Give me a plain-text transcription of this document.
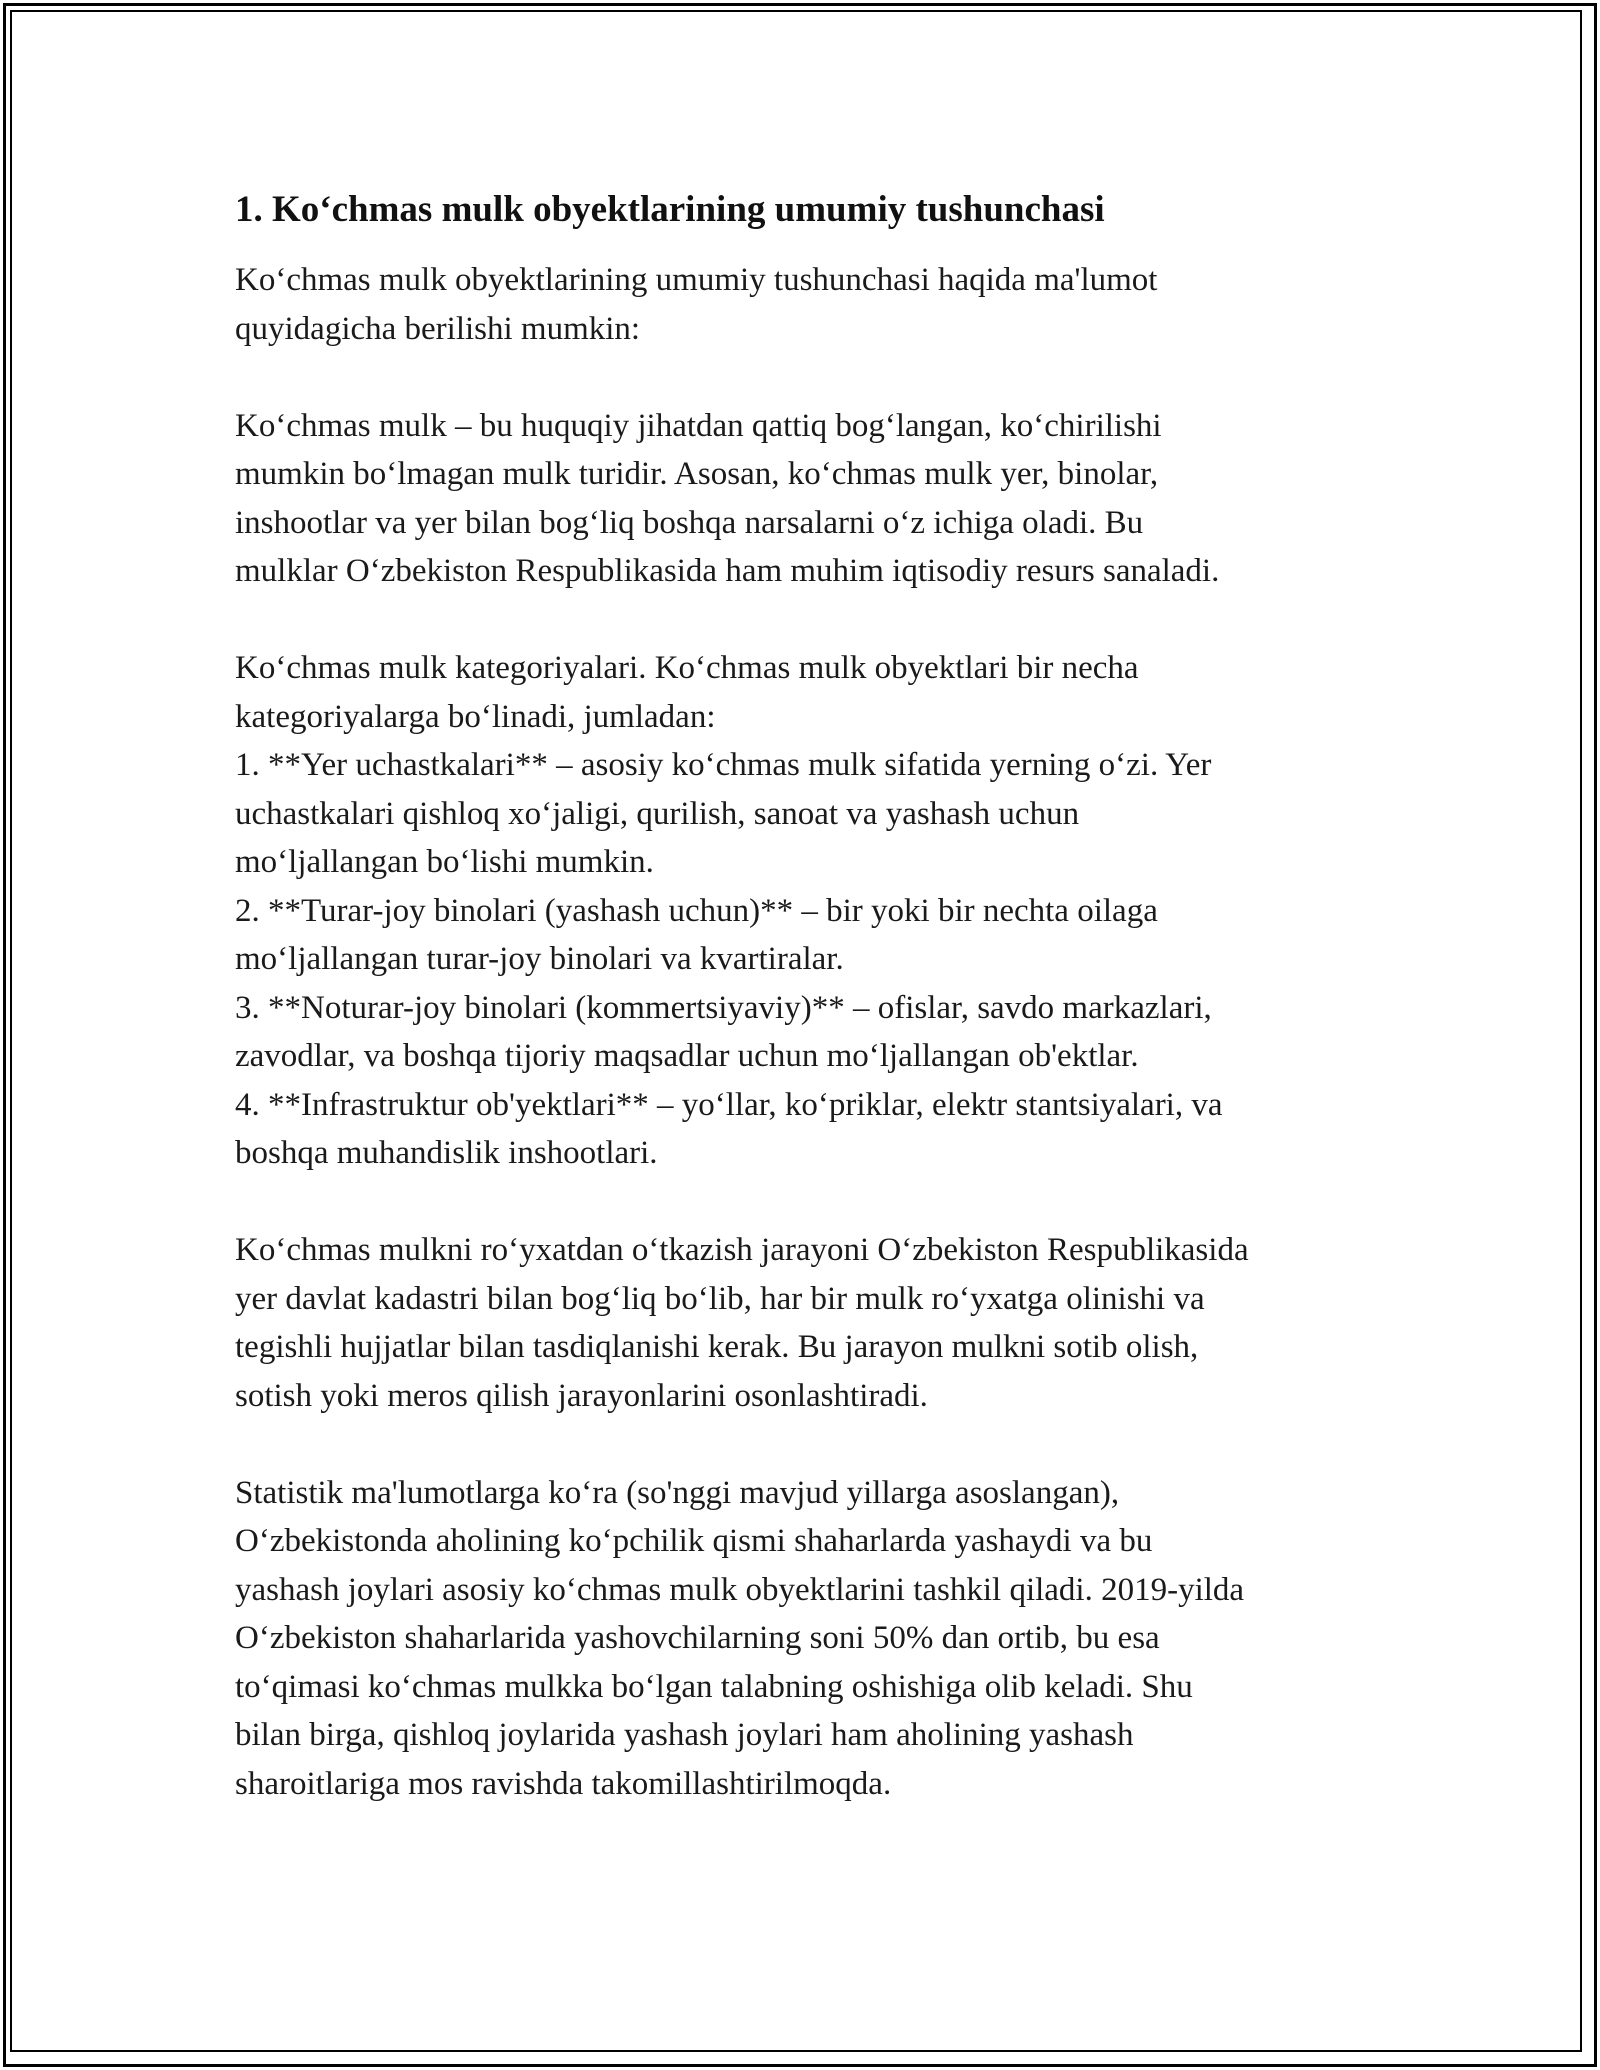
1. Ko‘chmas mulk obyektlarining umumiy tushunchasi

Ko‘chmas mulk obyektlarining umumiy tushunchasi haqida ma'lumot
quyidagicha berilishi mumkin:

Ko‘chmas mulk – bu huquqiy jihatdan qattiq bog‘langan, ko‘chirilishi
mumkin bo‘lmagan mulk turidir. Asosan, ko‘chmas mulk yer, binolar,
inshootlar va yer bilan bog‘liq boshqa narsalarni o‘z ichiga oladi. Bu
mulklar O‘zbekiston Respublikasida ham muhim iqtisodiy resurs sanaladi.

Ko‘chmas mulk kategoriyalari. Ko‘chmas mulk obyektlari bir necha
kategoriyalarga bo‘linadi, jumladan:
1. **Yer uchastkalari** – asosiy ko‘chmas mulk sifatida yerning o‘zi. Yer
uchastkalari qishloq xo‘jaligi, qurilish, sanoat va yashash uchun
mo‘ljallangan bo‘lishi mumkin.
2. **Turar-joy binolari (yashash uchun)** – bir yoki bir nechta oilaga
mo‘ljallangan turar-joy binolari va kvartiralar.
3. **Noturar-joy binolari (kommertsiyaviy)** – ofislar, savdo markazlari,
zavodlar, va boshqa tijoriy maqsadlar uchun mo‘ljallangan ob'ektlar.
4. **Infrastruktur ob'yektlari** – yo‘llar, ko‘priklar, elektr stantsiyalari, va
boshqa muhandislik inshootlari.

Ko‘chmas mulkni ro‘yxatdan o‘tkazish jarayoni O‘zbekiston Respublikasida
yer davlat kadastri bilan bog‘liq bo‘lib, har bir mulk ro‘yxatga olinishi va
tegishli hujjatlar bilan tasdiqlanishi kerak. Bu jarayon mulkni sotib olish,
sotish yoki meros qilish jarayonlarini osonlashtiradi.

Statistik ma'lumotlarga ko‘ra (so'nggi mavjud yillarga asoslangan),
O‘zbekistonda aholining ko‘pchilik qismi shaharlarda yashaydi va bu
yashash joylari asosiy ko‘chmas mulk obyektlarini tashkil qiladi. 2019-yilda
O‘zbekiston shaharlarida yashovchilarning soni 50% dan ortib, bu esa
to‘qimasi ko‘chmas mulkka bo‘lgan talabning oshishiga olib keladi. Shu
bilan birga, qishloq joylarida yashash joylari ham aholining yashash
sharoitlariga mos ravishda takomillashtirilmoqda.
